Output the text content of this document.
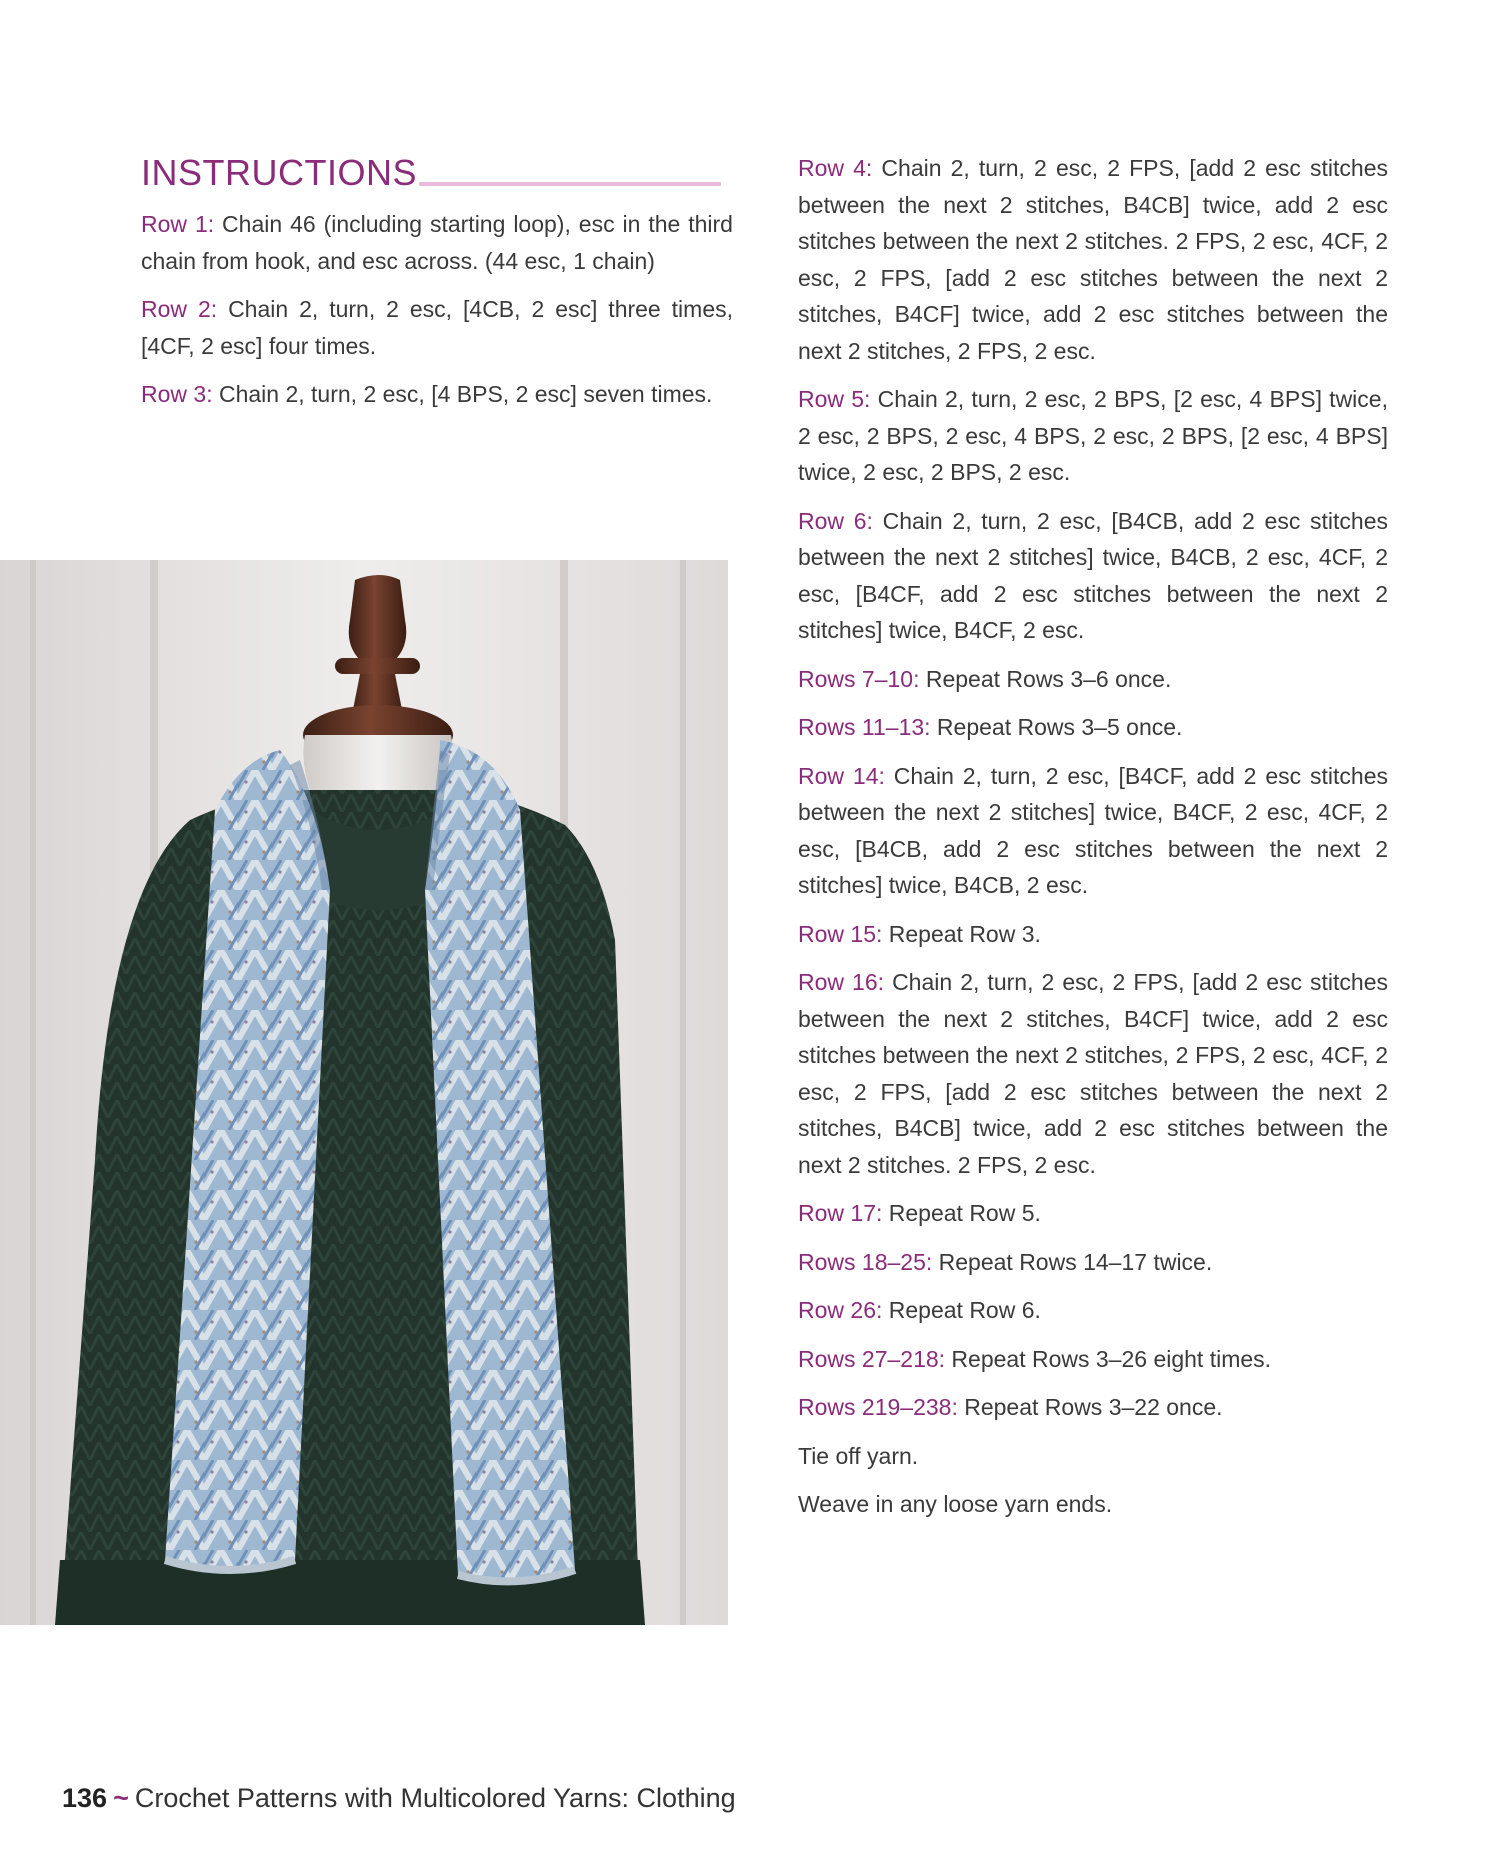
INSTRUCTIONS

Row 1: Chain 46 (including starting loop), esc in the third chain from hook, and esc across. (44 esc, 1 chain)

Row 2: Chain 2, turn, 2 esc, [4CB, 2 esc] three times, [4CF, 2 esc] four times.

Row 3: Chain 2, turn, 2 esc, [4 BPS, 2 esc] seven times.

Row 4: Chain 2, turn, 2 esc, 2 FPS, [add 2 esc stitches between the next 2 stitches, B4CB] twice, add 2 esc stitches between the next 2 stitches. 2 FPS, 2 esc, 4CF, 2 esc, 2 FPS, [add 2 esc stitches between the next 2 stitches, B4CF] twice, add 2 esc stitches between the next 2 stitches, 2 FPS, 2 esc.

Row 5: Chain 2, turn, 2 esc, 2 BPS, [2 esc, 4 BPS] twice, 2 esc, 2 BPS, 2 esc, 4 BPS, 2 esc, 2 BPS, [2 esc, 4 BPS] twice, 2 esc, 2 BPS, 2 esc.

Row 6: Chain 2, turn, 2 esc, [B4CB, add 2 esc stitches between the next 2 stitches] twice, B4CB, 2 esc, 4CF, 2 esc, [B4CF, add 2 esc stitches between the next 2 stitches] twice, B4CF, 2 esc.

Rows 7–10: Repeat Rows 3–6 once.

Rows 11–13: Repeat Rows 3–5 once.

Row 14: Chain 2, turn, 2 esc, [B4CF, add 2 esc stitches between the next 2 stitches] twice, B4CF, 2 esc, 4CF, 2 esc, [B4CB, add 2 esc stitches between the next 2 stitches] twice, B4CB, 2 esc.

Row 15: Repeat Row 3.

Row 16: Chain 2, turn, 2 esc, 2 FPS, [add 2 esc stitches between the next 2 stitches, B4CF] twice, add 2 esc stitches between the next 2 stitches, 2 FPS, 2 esc, 4CF, 2 esc, 2 FPS, [add 2 esc stitches between the next 2 stitches, B4CB] twice, add 2 esc stitches between the next 2 stitches. 2 FPS, 2 esc.

Row 17: Repeat Row 5.

Rows 18–25: Repeat Rows 14–17 twice.

Row 26: Repeat Row 6.

Rows 27–218: Repeat Rows 3–26 eight times.

Rows 219–238: Repeat Rows 3–22 once.

Tie off yarn.

Weave in any loose yarn ends.

136 ~ Crochet Patterns with Multicolored Yarns: Clothing
